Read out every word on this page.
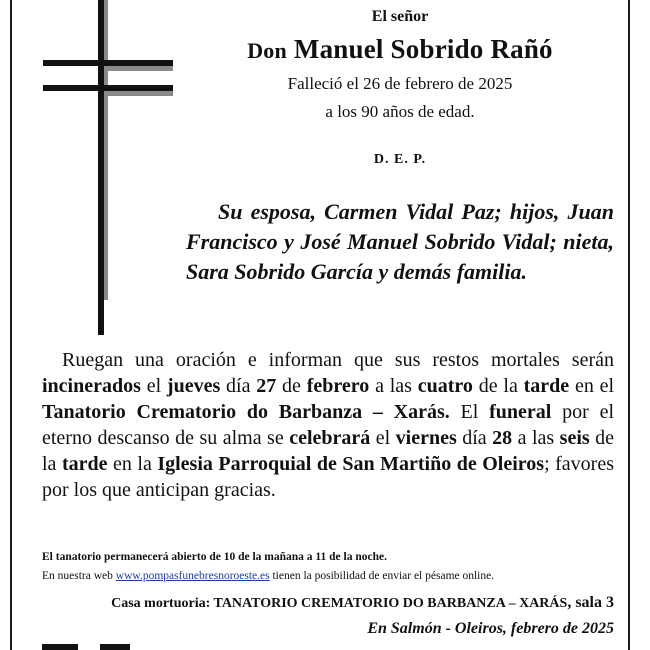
El señor
Don Manuel Sobrido Rañó
Falleció el 26 de febrero de 2025
a los 90 años de edad.
D. E. P.
Su esposa, Carmen Vidal Paz; hijos, Juan Francisco y José Manuel Sobrido Vidal; nieta, Sara Sobrido García y demás familia.
Ruegan una oración e informan que sus restos mortales serán incinerados el jueves día 27 de febrero a las cuatro de la tarde en el Tanatorio Crematorio do Barbanza – Xarás. El funeral por el eterno descanso de su alma se celebrará el viernes día 28 a las seis de la tarde en la Iglesia Parroquial de San Martiño de Oleiros; favores por los que anticipan gracias.
El tanatorio permanecerá abierto de 10 de la mañana a 11 de la noche.
En nuestra web www.pompasfunebresnoroeste.es tienen la posibilidad de enviar el pésame online.
Casa mortuoria: TANATORIO CREMATORIO DO BARBANZA – XARÁS, sala 3
En Salmón - Oleiros, febrero de 2025
